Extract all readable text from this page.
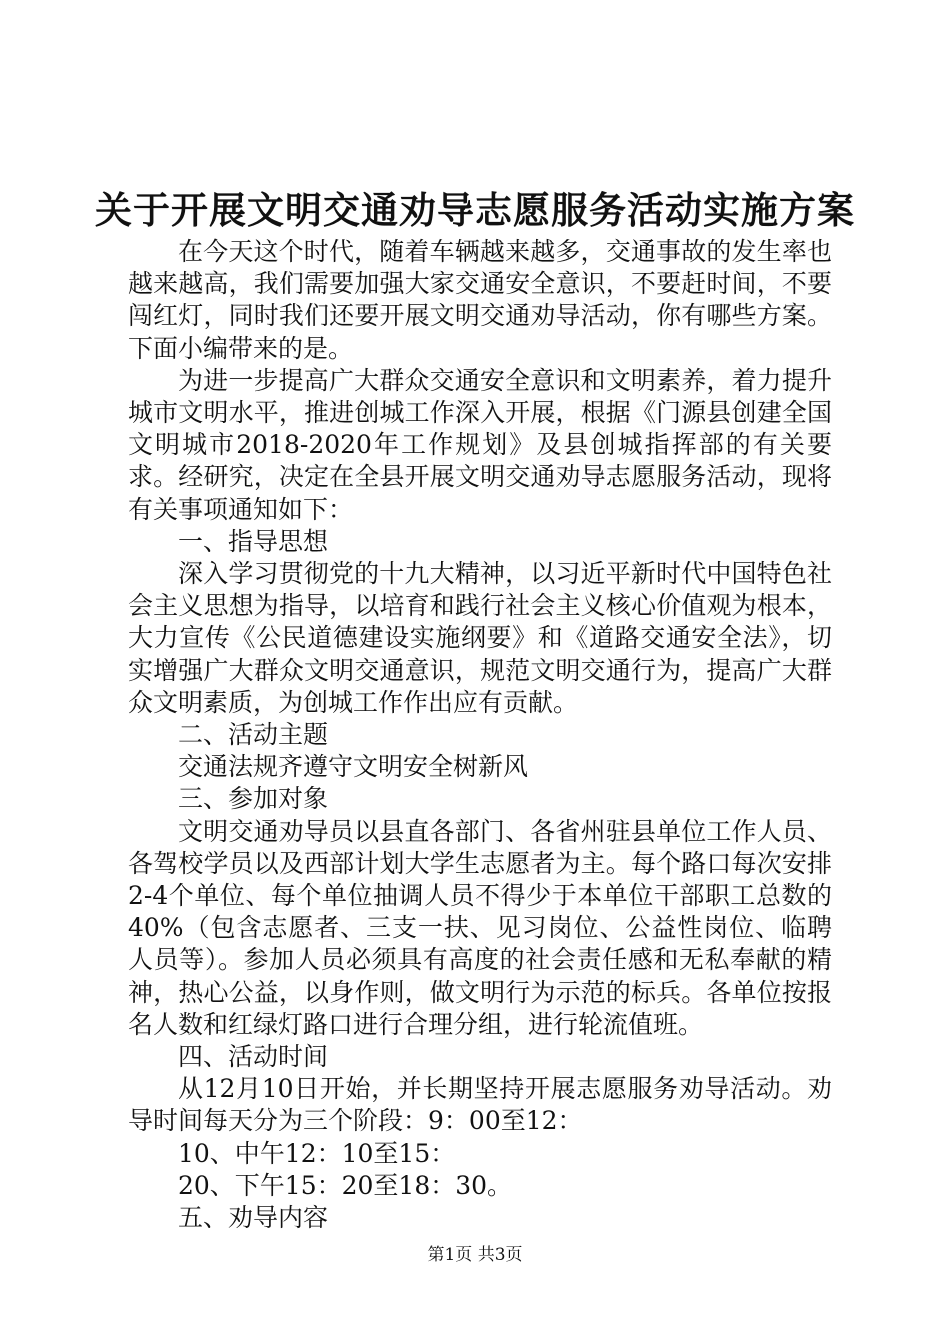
关于开展文明交通劝导志愿服务活动实施方案

在今天这个时代，随着车辆越来越多，交通事故的发生率也越来越高，我们需要加强大家交通安全意识，不要赶时间，不要闯红灯，同时我们还要开展文明交通劝导活动，你有哪些方案。下面小编带来的是。

为进一步提高广大群众交通安全意识和文明素养，着力提升城市文明水平，推进创城工作深入开展，根据《门源县创建全国文明城市2018-2020年工作规划》及县创城指挥部的有关要求。经研究，决定在全县开展文明交通劝导志愿服务活动，现将有关事项通知如下：

一、指导思想

深入学习贯彻党的十九大精神，以习近平新时代中国特色社会主义思想为指导，以培育和践行社会主义核心价值观为根本，大力宣传《公民道德建设实施纲要》和《道路交通安全法》，切实增强广大群众文明交通意识，规范文明交通行为，提高广大群众文明素质，为创城工作作出应有贡献。

二、活动主题

交通法规齐遵守文明安全树新风

三、参加对象

文明交通劝导员以县直各部门、各省州驻县单位工作人员、各驾校学员以及西部计划大学生志愿者为主。每个路口每次安排2-4个单位、每个单位抽调人员不得少于本单位干部职工总数的40%（包含志愿者、三支一扶、见习岗位、公益性岗位、临聘人员等）。参加人员必须具有高度的社会责任感和无私奉献的精神，热心公益，以身作则，做文明行为示范的标兵。各单位按报名人数和红绿灯路口进行合理分组，进行轮流值班。

四、活动时间

从12月10日开始，并长期坚持开展志愿服务劝导活动。劝导时间每天分为三个阶段：9：00至12：

10、中午12：10至15：

20、下午15：20至18：30。

五、劝导内容

第1页 共3页
